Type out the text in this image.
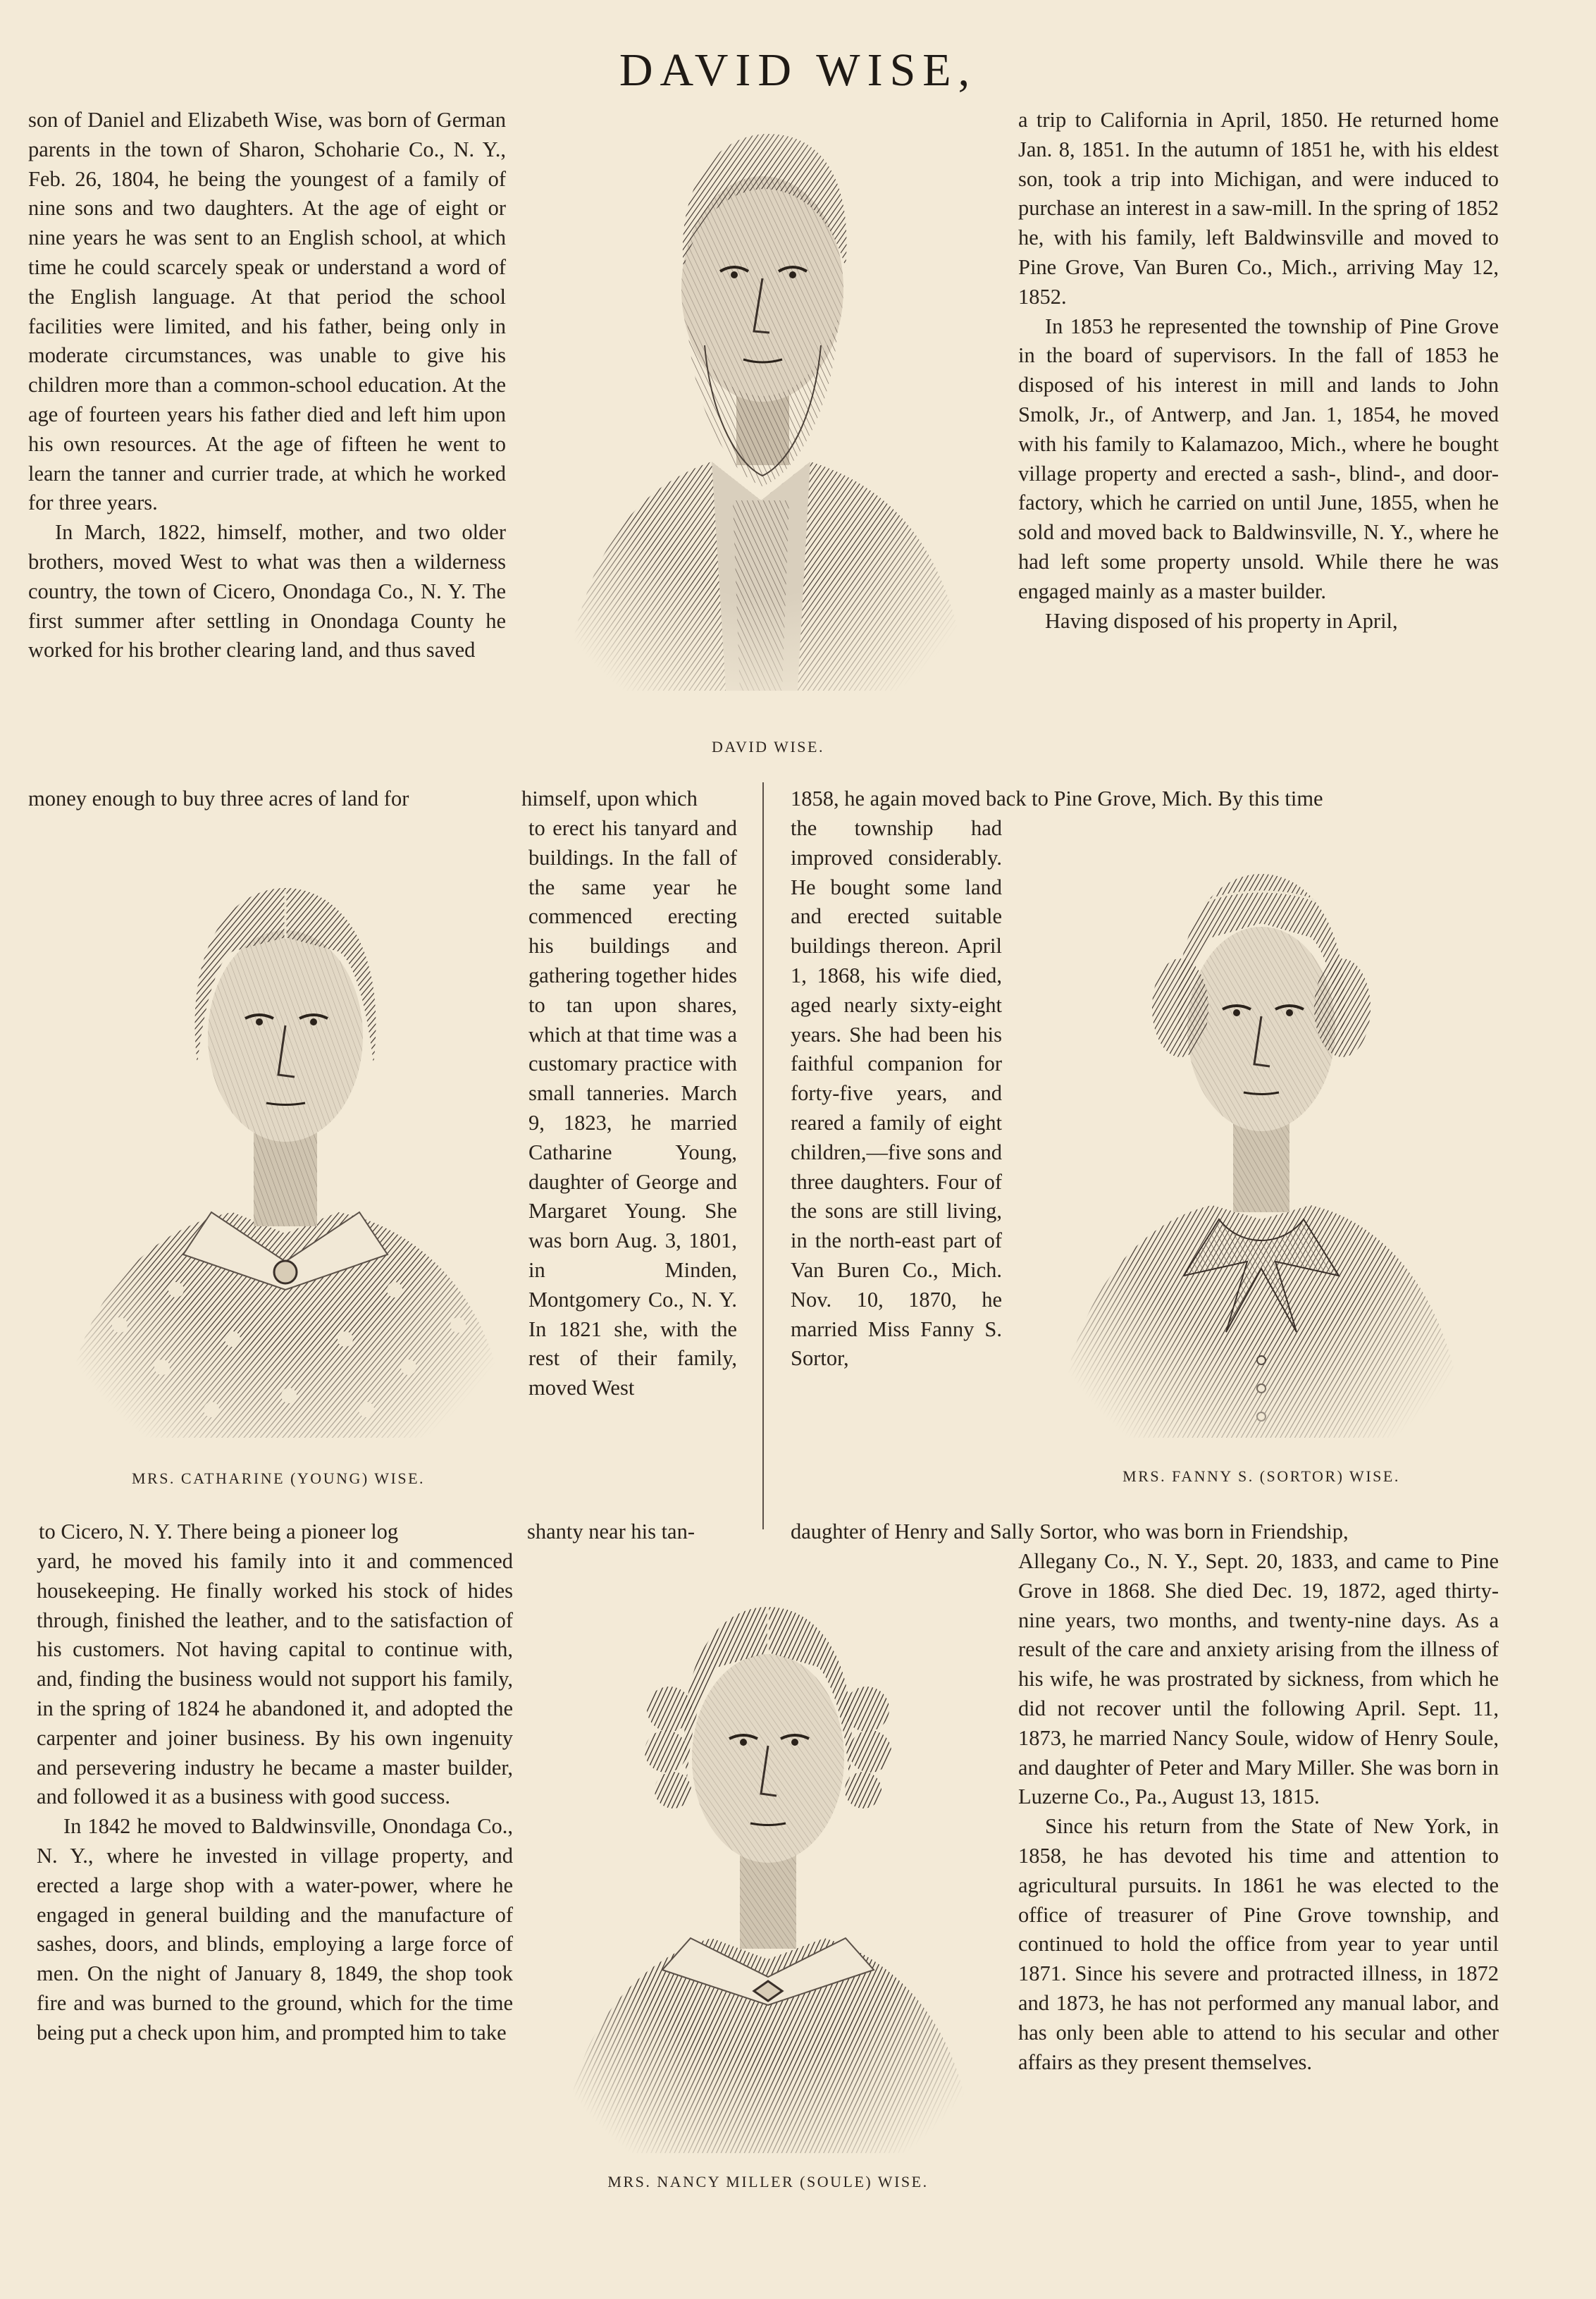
DAVID WISE,

son of Daniel and Elizabeth Wise, was born of German parents in the town of Sharon, Schoharie Co., N. Y., Feb. 26, 1804, he being the youngest of a family of nine sons and two daughters. At the age of eight or nine years he was sent to an English school, at which time he could scarcely speak or understand a word of the English language. At that period the school facilities were limited, and his father, being only in moderate circumstances, was unable to give his children more than a common-school education. At the age of fourteen years his father died and left him upon his own resources. At the age of fifteen he went to learn the tanner and currier trade, at which he worked for three years.

In March, 1822, himself, mother, and two older brothers, moved West to what was then a wilderness country, the town of Cicero, Onondaga Co., N. Y. The first summer after settling in Onondaga County he worked for his brother clearing land, and thus saved

money enough to buy three acres of land for	himself, upon which

to erect his tanyard and buildings. In the fall of the same year he commenced erecting his buildings and gathering together hides to tan upon shares, which at that time was a customary practice with small tanneries. March 9, 1823, he married Catharine Young, daughter of George and Margaret Young. She was born Aug. 3, 1801, in Minden, Montgomery Co., N. Y. In 1821 she, with the rest of their family, moved West

to Cicero, N. Y. There being a pioneer log	shanty near his tan-

yard, he moved his family into it and commenced housekeeping. He finally worked his stock of hides through, finished the leather, and to the satisfaction of his customers. Not having capital to continue with, and, finding the business would not support his family, in the spring of 1824 he abandoned it, and adopted the carpenter and joiner business. By his own ingenuity and persevering industry he became a master builder, and followed it as a business with good success.

In 1842 he moved to Baldwinsville, Onondaga Co., N. Y., where he invested in village property, and erected a large shop with a water-power, where he engaged in general building and the manufacture of sashes, doors, and blinds, employing a large force of men. On the night of January 8, 1849, the shop took fire and was burned to the ground, which for the time being put a check upon him, and prompted him to take

a trip to California in April, 1850. He returned home Jan. 8, 1851. In the autumn of 1851 he, with his eldest son, took a trip into Michigan, and were induced to purchase an interest in a saw-mill. In the spring of 1852 he, with his family, left Baldwinsville and moved to Pine Grove, Van Buren Co., Mich., arriving May 12, 1852.

In 1853 he represented the township of Pine Grove in the board of supervisors. In the fall of 1853 he disposed of his interest in mill and lands to John Smolk, Jr., of Antwerp, and Jan. 1, 1854, he moved with his family to Kalamazoo, Mich., where he bought village property and erected a sash-, blind-, and door-factory, which he carried on until June, 1855, when he sold and moved back to Baldwinsville, N. Y., where he had left some property unsold. While there he was engaged mainly as a master builder.

Having disposed of his property in April,

1858, he again moved back to Pine Grove, Mich. By this time

the township had improved considerably. He bought some land and erected suitable buildings thereon. April 1, 1868, his wife died, aged nearly sixty-eight years. She had been his faithful companion for forty-five years, and reared a family of eight children,—five sons and three daughters. Four of the sons are still living, in the north-east part of Van Buren Co., Mich. Nov. 10, 1870, he married Miss Fanny S. Sortor,

daughter of Henry and Sally Sortor, who was born in Friendship,

Allegany Co., N. Y., Sept. 20, 1833, and came to Pine Grove in 1868. She died Dec. 19, 1872, aged thirty-nine years, two months, and twenty-nine days. As a result of the care and anxiety arising from the illness of his wife, he was prostrated by sickness, from which he did not recover until the following April. Sept. 11, 1873, he married Nancy Soule, widow of Henry Soule, and daughter of Peter and Mary Miller. She was born in Luzerne Co., Pa., August 13, 1815.

Since his return from the State of New York, in 1858, he has devoted his time and attention to agricultural pursuits. In 1861 he was elected to the office of treasurer of Pine Grove township, and continued to hold the office from year to year until 1871. Since his severe and protracted illness, in 1872 and 1873, he has not performed any manual labor, and has only been able to attend to his secular and other affairs as they present themselves.

DAVID WISE.
MRS. CATHARINE (YOUNG) WISE.	MRS. FANNY S. (SORTOR) WISE.
MRS. NANCY MILLER (SOULE) WISE.
